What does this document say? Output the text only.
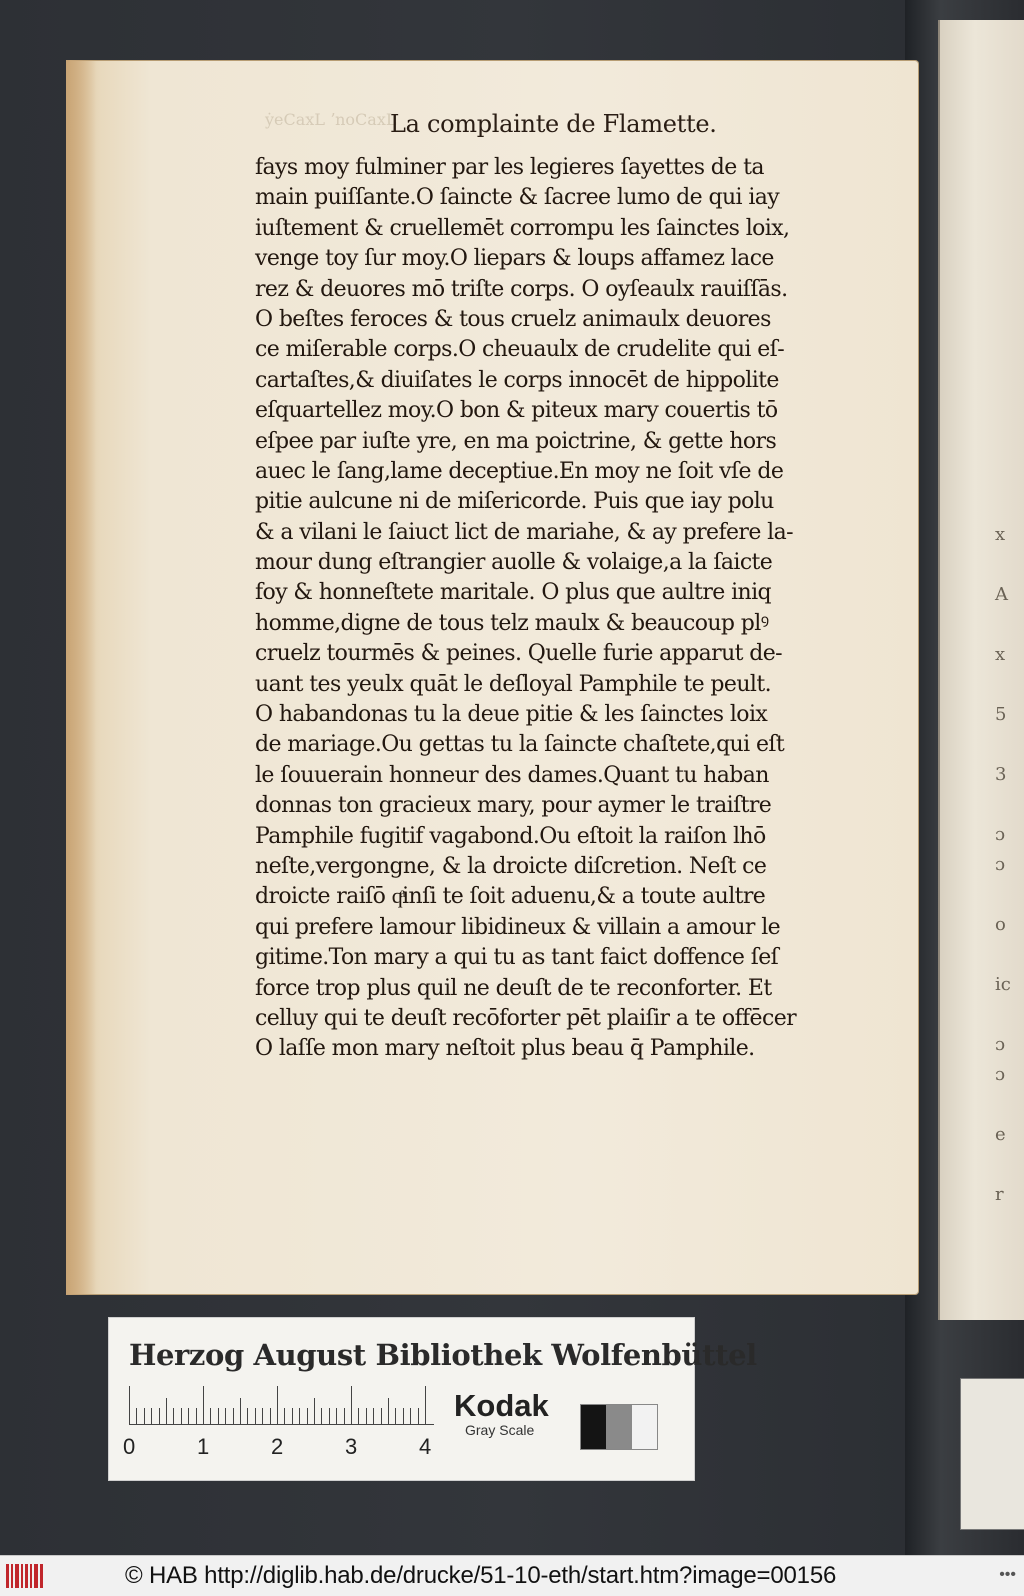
x

A

x

5

3

ɔ
ɔ

o

ic

ɔ
ɔ

e

r
ẏeCaxL ʼnoCaxL
La complainte de Flamette.
fays moy fulminer par les legieres ſayettes de ta
main puiſſante.O ſaincte & ſacree lumo de qui iay
iuſtement & cruellemēt corrompu les ſainctes loix,
venge toy ſur moy.O liepars & loups affamez lace
rez & deuores mō triſte corps. O oyſeaulx rauiſſās.
O beſtes feroces & tous cruelz animaulx deuores
ce miſerable corps.O cheuaulx de crudelite qui eſ-
cartaſtes,& diuiſates le corps innocēt de hippolite
eſquartellez moy.O bon & piteux mary couertis tō
eſpee par iuſte yre, en ma poictrine, & gette hors
auec le ſang,lame deceptiue.En moy ne ſoit vſe de
pitie aulcune ni de miſericorde. Puis que iay polu
& a vilani le ſaiuct lict de mariahe, & ay prefere la-
mour dung eſtrangier auolle & volaige,a la ſaicte
foy & honneſtete maritale. O plus que aultre iniq
homme,digne de tous telz maulx & beaucoup plꝰ
cruelz tourmēs & peines. Quelle furie apparut de-
uant tes yeulx quāt le deſloyal Pamphile te peult.
O habandonas tu la deue pitie & les ſainctes loix
de mariage.Ou gettas tu la ſaincte chaſtete,qui eſt
le ſouuerain honneur des dames.Quant tu haban
donnas ton gracieux mary, pour aymer le traiſtre
Pamphile fugitif vagabond.Ou eſtoit la raiſon lhō
neſte,vergongne, & la droicte diſcretion. Neſt ce
droicte raiſō qͣinſi te ſoit aduenu,& a toute aultre
qui prefere lamour libidineux & villain a amour le
gitime.Ton mary a qui tu as tant faict doffence ſeſ
force trop plus quil ne deuſt de te reconforter. Et
celluy qui te deuſt recōforter pēt plaiſir a te offēcer
O laſſe mon mary neſtoit plus beau q̄ Pamphile.
Herzog August Bibliothek Wolfenbüttel
0	1	2	3	4
Kodak
Gray Scale
© HAB http://diglib.hab.de/drucke/51-10-eth/start.htm?image=00156	•••
